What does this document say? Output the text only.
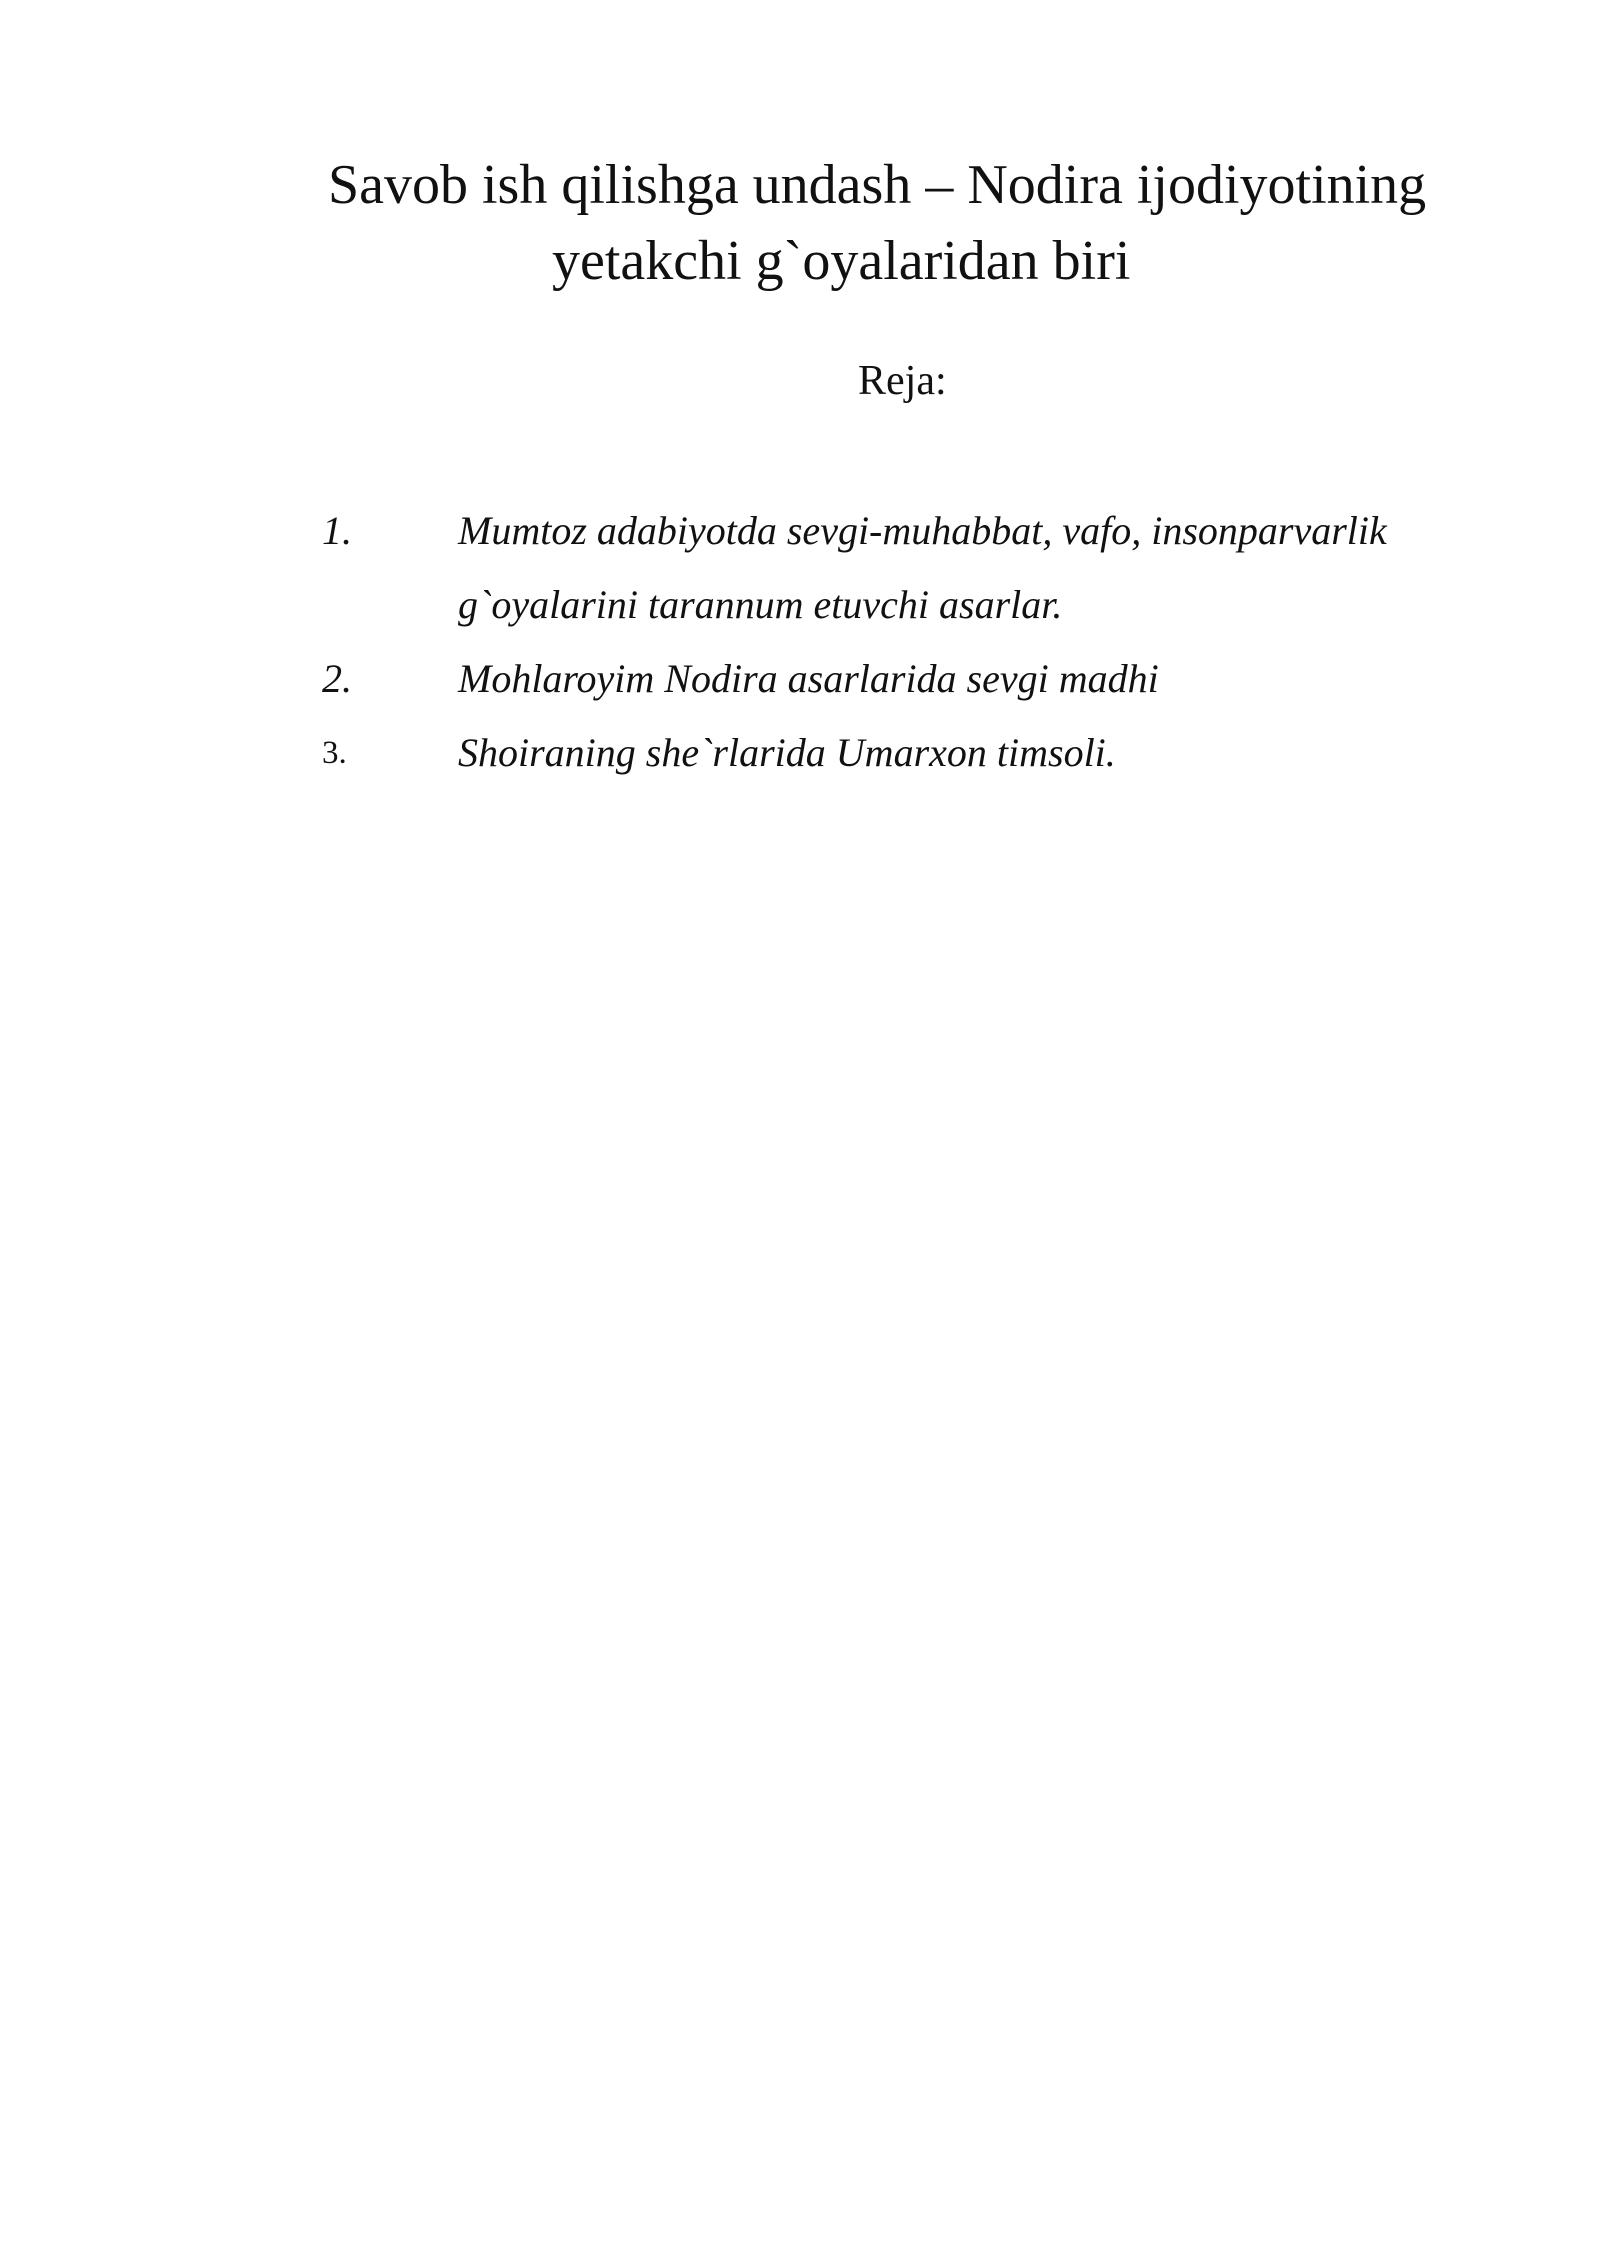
Savob ish qilishga undash – Nodira ijodiyotining
yetakchi g`oyalaridan biri
Reja:
1.	Mumtoz adabiyotda sevgi-muhabbat, vafo, insonparvarlik
g`oyalarini tarannum etuvchi asarlar.
2.	Mohlaroyim Nodira asarlarida sevgi madhi
3.	Shoiraning she`rlarida Umarxon timsoli.
